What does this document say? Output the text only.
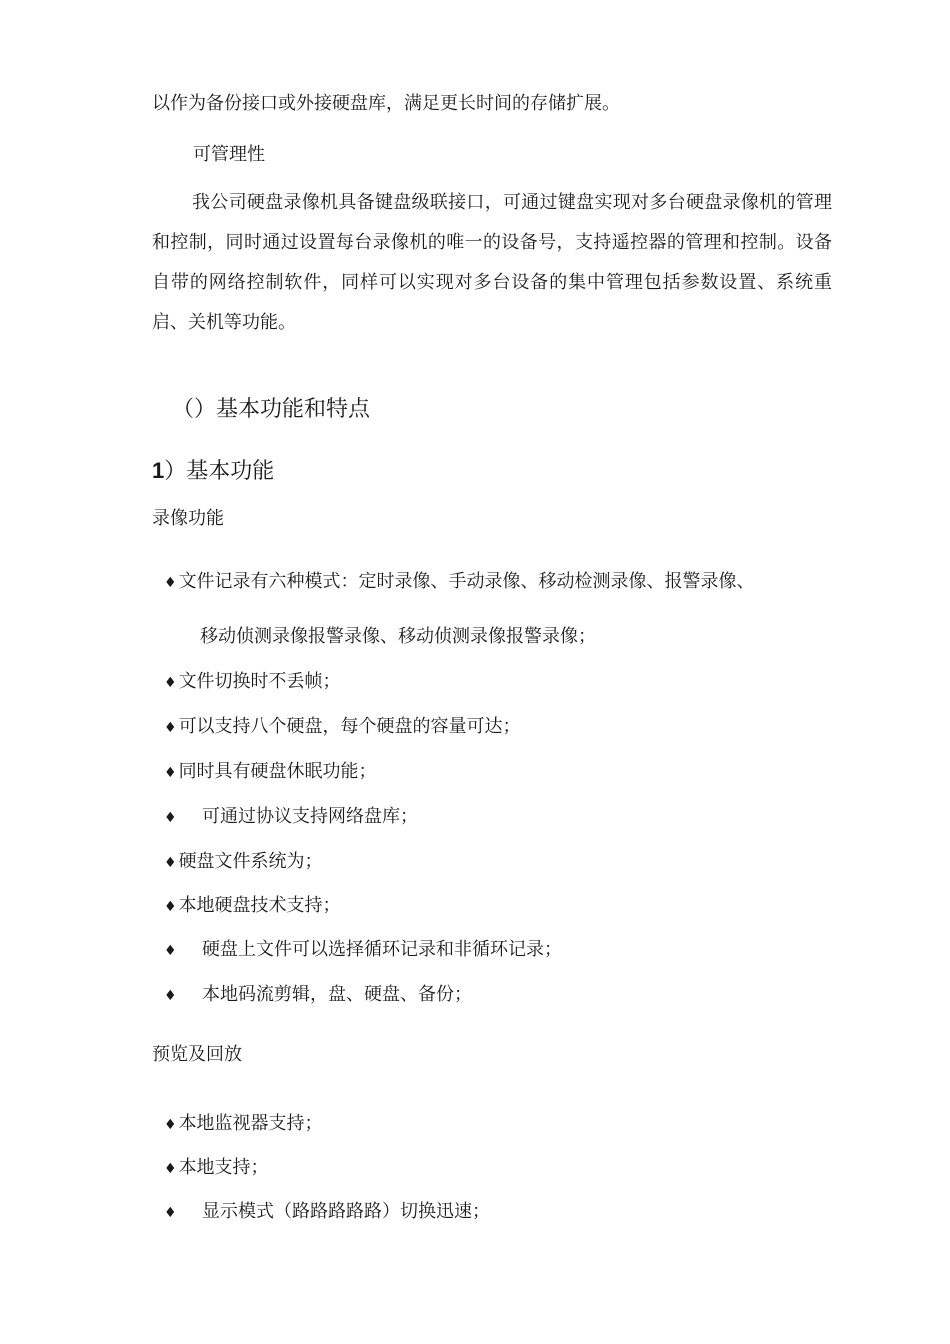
以作为备份接口或外接硬盘库，满足更长时间的存储扩展。
可管理性
我公司硬盘录像机具备键盘级联接口，可通过键盘实现对多台硬盘录像机的管理和控制，同时通过设置每台录像机的唯一的设备号，支持遥控器的管理和控制。设备自带的网络控制软件，同样可以实现对多台设备的集中管理包括参数设置、系统重启、关机等功能。
（）基本功能和特点
1）基本功能
录像功能
♦ 文件记录有六种模式：定时录像、手动录像、移动检测录像、报警录像、
移动侦测录像报警录像、移动侦测录像报警录像；
♦ 文件切换时不丢帧；
♦ 可以支持八个硬盘，每个硬盘的容量可达；
♦ 同时具有硬盘休眠功能；
♦ 可通过协议支持网络盘库；
♦ 硬盘文件系统为；
♦ 本地硬盘技术支持；
♦ 硬盘上文件可以选择循环记录和非循环记录；
♦ 本地码流剪辑，盘、硬盘、备份；
预览及回放
♦ 本地监视器支持；
♦ 本地支持；
♦ 显示模式（路路路路路）切换迅速；
